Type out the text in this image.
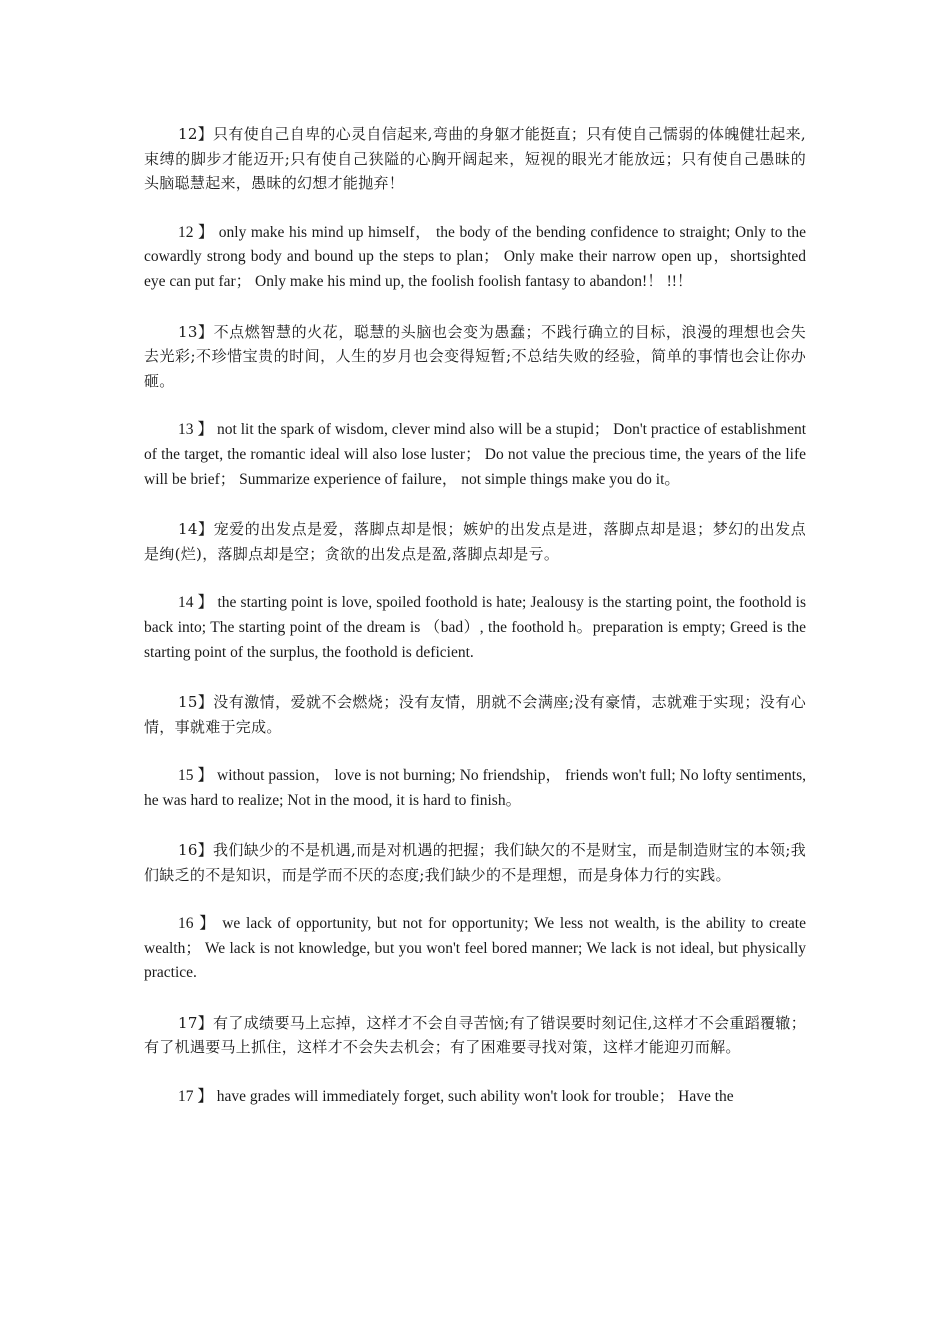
12】只有使自己自卑的心灵自信起来,弯曲的身躯才能挺直；只有使自己懦弱的体魄健壮起来,束缚的脚步才能迈开;只有使自己狭隘的心胸开阔起来，短视的眼光才能放远；只有使自己愚昧的头脑聪慧起来，愚昧的幻想才能抛弃！

12 】 only make his mind up himself， the body of the bending confidence to straight; Only to the cowardly strong body and bound up the steps to plan； Only make their narrow open up，shortsighted eye can put far； Only make his mind up, the foolish foolish fantasy to abandon!！ !!！

13】不点燃智慧的火花，聪慧的头脑也会变为愚蠢；不践行确立的目标，浪漫的理想也会失去光彩;不珍惜宝贵的时间，人生的岁月也会变得短暂;不总结失败的经验，简单的事情也会让你办砸。

13 】 not lit the spark of wisdom, clever mind also will be a stupid； Don't practice of establishment of the target, the romantic ideal will also lose luster； Do not value the precious time, the years of the life will be brief； Summarize experience of failure， not simple things make you do it。

14】宠爱的出发点是爱，落脚点却是恨；嫉妒的出发点是进，落脚点却是退；梦幻的出发点是绚(烂)，落脚点却是空；贪欲的出发点是盈,落脚点却是亏。

14 】 the starting point is love, spoiled foothold is hate; Jealousy is the starting point, the foothold is back into; The starting point of the dream is （bad）, the foothold h。preparation is empty; Greed is the starting point of the surplus, the foothold is deficient.

15】没有激情，爱就不会燃烧；没有友情，朋就不会满座;没有豪情，志就难于实现；没有心情，事就难于完成。

15 】 without passion， love is not burning; No friendship， friends won't full; No lofty sentiments, he was hard to realize; Not in the mood, it is hard to finish。

16】我们缺少的不是机遇,而是对机遇的把握；我们缺欠的不是财宝，而是制造财宝的本领;我们缺乏的不是知识，而是学而不厌的态度;我们缺少的不是理想，而是身体力行的实践。

16 】 we lack of opportunity, but not for opportunity; We less not wealth, is the ability to create wealth； We lack is not knowledge, but you won't feel bored manner; We lack is not ideal, but physically practice.

17】有了成绩要马上忘掉，这样才不会自寻苦恼;有了错误要时刻记住,这样才不会重蹈覆辙；有了机遇要马上抓住，这样才不会失去机会；有了困难要寻找对策，这样才能迎刃而解。

17 】 have grades will immediately forget, such ability won't look for trouble； Have the
